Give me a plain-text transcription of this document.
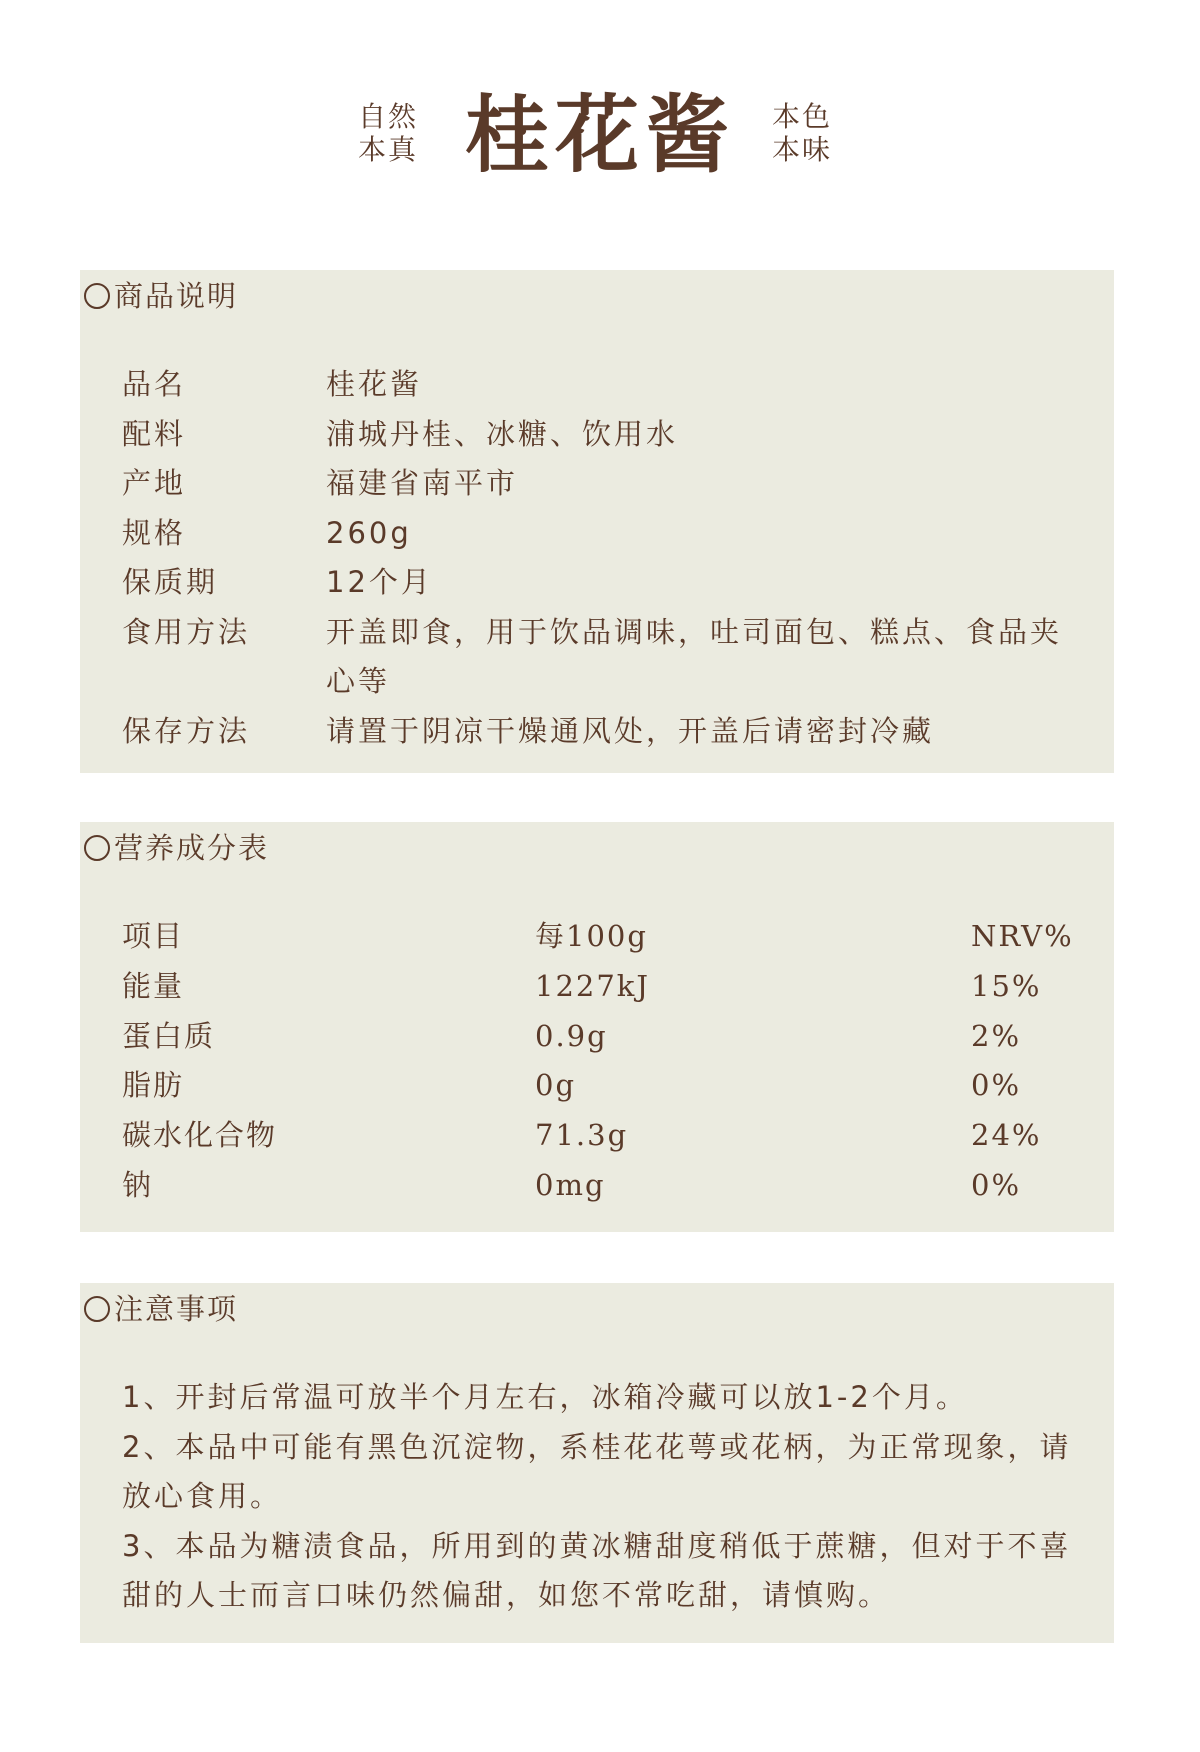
自然
本真 桂花酱 本色
本味
商品说明
品名	桂花酱
配料	浦城丹桂、冰糖、饮用水
产地	福建省南平市
规格	260g
保质期	12个月
食用方法	开盖即食，用于饮品调味，吐司面包、糕点、食品夹心等
保存方法	请置于阴凉干燥通风处，开盖后请密封冷藏
营养成分表
项目	每100g	NRV%
能量	1227kJ	15%
蛋白质	0.9g	2%
脂肪	0g	0%
碳水化合物	71.3g	24%
钠	0mg	0%
注意事项
1、开封后常温可放半个月左右，冰箱冷藏可以放1-2个月。
2、本品中可能有黑色沉淀物，系桂花花萼或花柄，为正常现象，请放心食用。
3、本品为糖渍食品，所用到的黄冰糖甜度稍低于蔗糖，但对于不喜甜的人士而言口味仍然偏甜，如您不常吃甜，请慎购。
